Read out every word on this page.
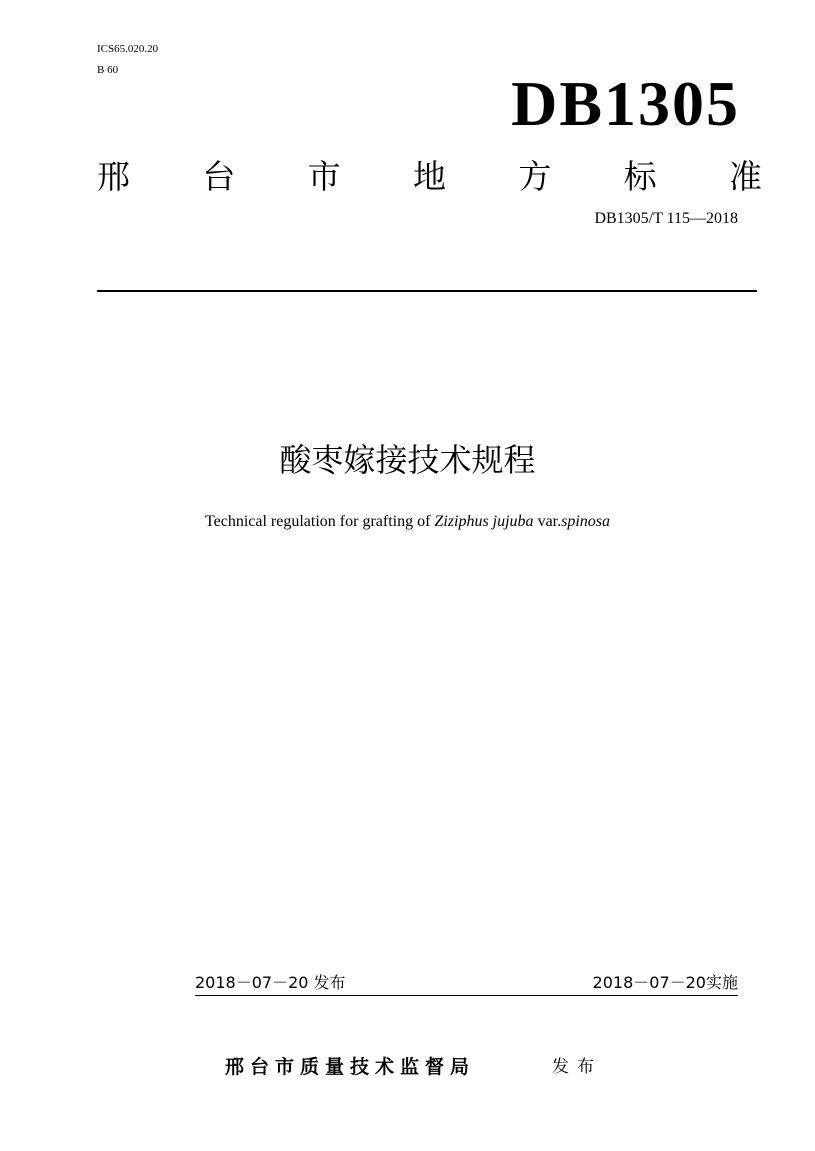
ICS65.020.20
B 60	DB1305
邢 台 市 地 方 标 准
DB1305/T 115—2018
酸枣嫁接技术规程
Technical regulation for grafting of Ziziphus jujuba var.spinosa
2018－07－20 发布	2018－07－20实施
邢台市质量技术监督局	发布
